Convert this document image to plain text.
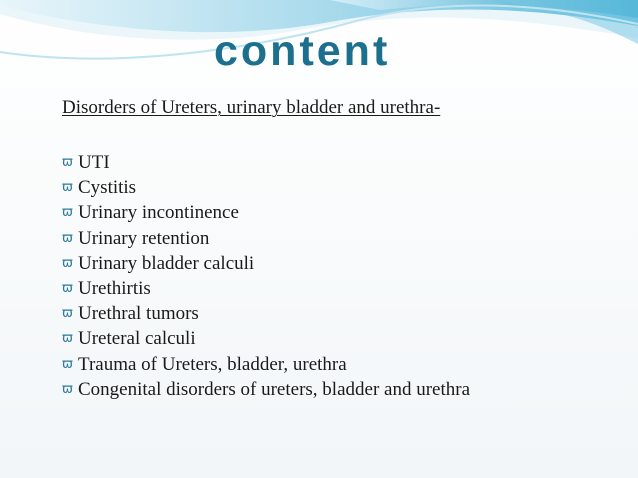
content
Disorders of Ureters, urinary bladder and urethra-
ϖ UTI
ϖ Cystitis
ϖ Urinary incontinence
ϖ Urinary retention
ϖ Urinary bladder calculi
ϖ Urethirtis
ϖ Urethral tumors
ϖ Ureteral calculi
ϖ Trauma of Ureters, bladder, urethra
ϖ Congenital disorders of ureters, bladder and urethra
